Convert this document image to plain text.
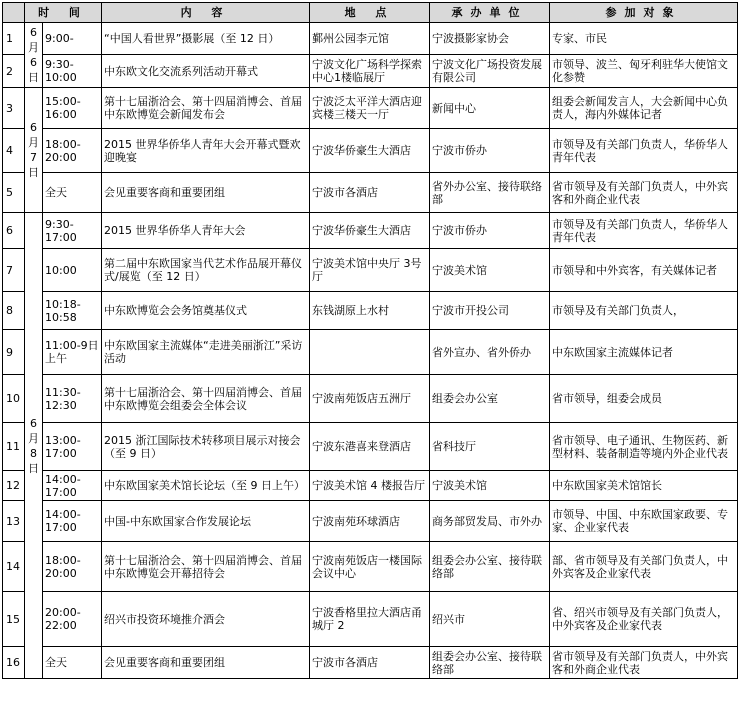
	时 间		内 容	地 点	承办单位	参加对象
1	6月6日	9:00-	“中国人看世界”摄影展（至 12 日）	鄞州公园李元馆	宁波摄影家协会	专家、市民
2		9:30-10:00	中东欧文化交流系列活动开幕式	宁波文化广场科学探索中心1楼临展厅	宁波文化广场投资发展有限公司	市领导、波兰、匈牙利驻华大使馆文化参赞
3	6月7日	15:00-16:00	第十七届浙洽会、第十四届消博会、首届中东欧博览会新闻发布会	宁波泛太平洋大酒店迎宾楼三楼天一厅	新闻中心	组委会新闻发言人，大会新闻中心负责人，海内外媒体记者
4		18:00-20:00	2015 世界华侨华人青年大会开幕式暨欢迎晚宴	宁波华侨豪生大酒店	宁波市侨办	市领导及有关部门负责人，华侨华人青年代表
5		全天	会见重要客商和重要团组	宁波市各酒店	省外办公室、接待联络部	省市领导及有关部门负责人，中外宾客和外商企业代表
6	6月8日	9:30-17:00	2015 世界华侨华人青年大会	宁波华侨豪生大酒店	宁波市侨办	市领导及有关部门负责人，华侨华人青年代表
7		10:00	第二届中东欧国家当代艺术作品展开幕仪式/展览（至 12 日）	宁波美术馆中央厅 3号厅	宁波美术馆	市领导和中外宾客，有关媒体记者
8		10:18-10:58	中东欧博览会会务馆奠基仪式	东钱湖原上水村	宁波市开投公司	市领导及有关部门负责人，
9		11:00-9日上午	中东欧国家主流媒体“走进美丽浙江”采访活动		省外宣办、省外侨办	中东欧国家主流媒体记者
10		11:30-12:30	第十七届浙洽会、第十四届消博会、首届中东欧博览会组委会全体会议	宁波南苑饭店五洲厅	组委会办公室	省市领导，组委会成员
11		13:00-17:00	2015 浙江国际技术转移项目展示对接会（至 9 日）	宁波东港喜来登酒店	省科技厅	省市领导、电子通讯、生物医药、新型材料、装备制造等境内外企业代表
12		14:00-17:00	中东欧国家美术馆长论坛（至 9 日上午）	宁波美术馆 4 楼报告厅	宁波美术馆	中东欧国家美术馆馆长
13		14:00-17:00	中国-中东欧国家合作发展论坛	宁波南苑环球酒店	商务部贸发局、市外办	市领导、中国、中东欧国家政要、专家、企业家代表
14		18:00-20:00	第十七届浙洽会、第十四届消博会、首届中东欧博览会开幕招待会	宁波南苑饭店一楼国际会议中心	组委会办公室、接待联络部	部、省市领导及有关部门负责人，中外宾客及企业家代表
15		20:00-22:00	绍兴市投资环境推介酒会	宁波香格里拉大酒店甬城厅 2	绍兴市	省、绍兴市领导及有关部门负责人，中外宾客及企业家代表
16		全天	会见重要客商和重要团组	宁波市各酒店	组委会办公室、接待联络部	省市领导及有关部门负责人，中外宾客和外商企业代表
